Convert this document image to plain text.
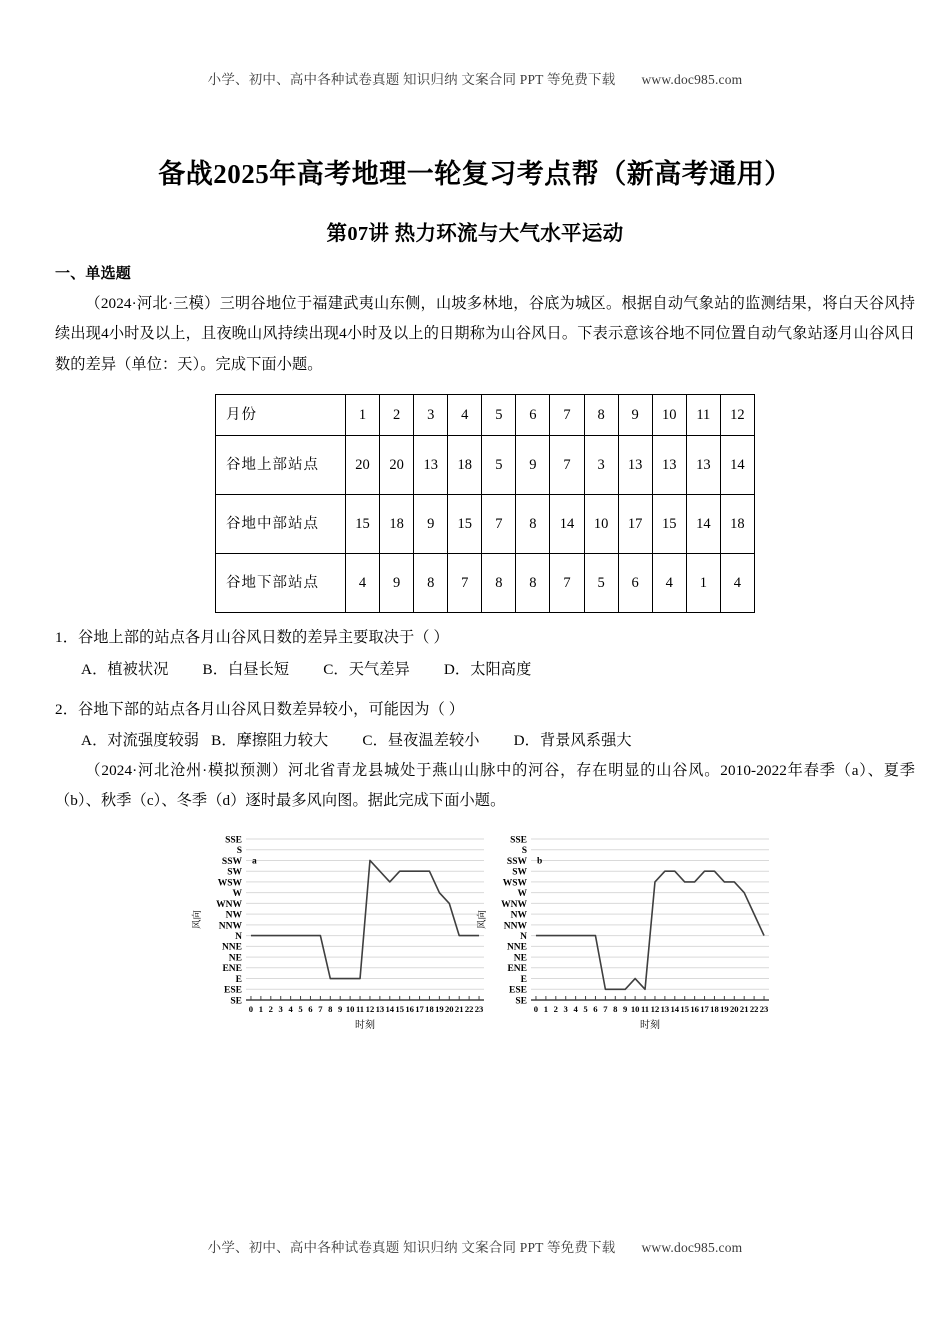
小学、初中、高中各种试卷真题 知识归纳 文案合同 PPT 等免费下载 www.doc985.com
备战2025年高考地理一轮复习考点帮（新高考通用）
第07讲 热力环流与大气水平运动
一、单选题

（2024·河北·三模）三明谷地位于福建武夷山东侧，山坡多林地，谷底为城区。根据自动气象站的监测结果，将白天谷风持续出现4小时及以上，且夜晚山风持续出现4小时及以上的日期称为山谷风日。下表示意该谷地不同位置自动气象站逐月山谷风日数的差异（单位：天）。完成下面小题。

月份	1	2	3	4	5	6	7	8	9	10	11	12
谷地上部站点	20	20	13	18	5	9	7	3	13	13	13	14
谷地中部站点	15	18	9	15	7	8	14	10	17	15	14	18
谷地下部站点	4	9	8	7	8	8	7	5	6	4	1	4
1．谷地上部的站点各月山谷风日数的差异主要取决于（ ）
A．植被状况 B．白昼长短 C．天气差异 D．太阳高度
2．谷地下部的站点各月山谷风日数差异较小，可能因为（ ）
A．对流强度较弱 B．摩擦阻力较大 C．昼夜温差较小 D．背景风系强大

（2024·河北沧州·模拟预测）河北省青龙县城处于燕山山脉中的河谷，存在明显的山谷风。2010-2022年春季（a）、夏季（b）、秋季（c）、冬季（d）逐时最多风向图。据此完成下面小题。

SSE
S
SSW
SW
WSW
W
WNW
NW
NNW
N
NNE
NE
ENE
E
ESE
SE
风向
0 1 2 3 4 5 6 7 8 9 10 11 12 13 14 15 16 17 18 19 20 21 22 23
时刻
a
SSE
S
SSW
SW
WSW
W
WNW
NW
NNW
N
NNE
NE
ENE
E
ESE
SE
风向
0 1 2 3 4 5 6 7 8 9 10 11 12 13 14 15 16 17 18 19 20 21 22 23
时刻
b
小学、初中、高中各种试卷真题 知识归纳 文案合同 PPT 等免费下载 www.doc985.com
